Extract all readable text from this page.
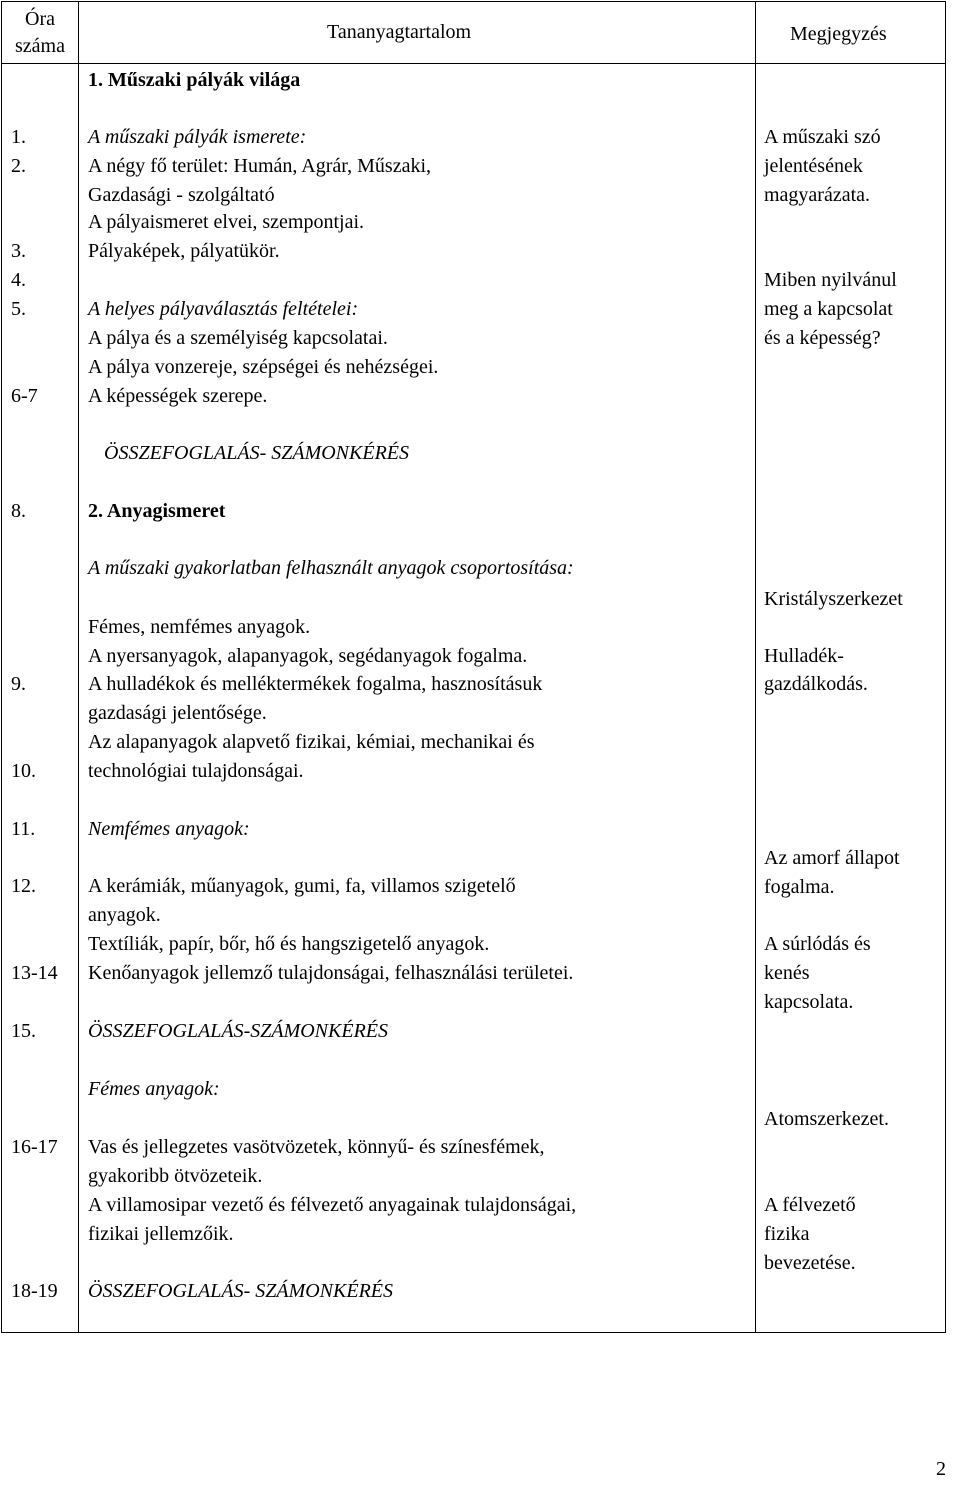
Óra
száma
Tananyagtartalom	Megjegyzés
1. Műszaki pályák világa
1.
2.
3.
4.
5.
6-7
A műszaki pályák ismerete:
A négy fő terület: Humán, Agrár, Műszaki,
Gazdasági - szolgáltató
A pályaismeret elvei, szempontjai.
Pályaképek, pályatükör.
A helyes pályaválasztás feltételei:
A pálya és a személyiség kapcsolatai.
A pálya vonzereje, szépségei és nehézségei.
A képességek szerepe.
A műszaki szó
jelentésének
magyarázata.
Miben nyilvánul
meg a kapcsolat
és a képesség?
ÖSSZEFOGLALÁS- SZÁMONKÉRÉS
8.	2. Anyagismeret
A műszaki gyakorlatban felhasznált anyagok csoportosítása:
Fémes, nemfémes anyagok.
A nyersanyagok, alapanyagok, segédanyagok fogalma.
A hulladékok és melléktermékek fogalma, hasznosításuk
gazdasági jelentősége.
Az alapanyagok alapvető fizikai, kémiai, mechanikai és
technológiai tulajdonságai.
9.
10.
Kristályszerkezet
Hulladék-
gazdálkodás.
11.
12.
13-14
15.
Nemfémes anyagok:
A kerámiák, műanyagok, gumi, fa, villamos szigetelő
anyagok.
Textíliák, papír, bőr, hő és hangszigetelő anyagok.
Kenőanyagok jellemző tulajdonságai, felhasználási területei.
ÖSSZEFOGLALÁS-SZÁMONKÉRÉS
Az amorf állapot
fogalma.
A súrlódás és
kenés
kapcsolata.
Fémes anyagok:
16-17 Vas és jellegzetes vasötvözetek, könnyű- és színesfémek,
gyakoribb ötvözeteik.
A villamosipar vezető és félvezető anyagainak tulajdonságai,
fizikai jellemzőik.
18-19 ÖSSZEFOGLALÁS- SZÁMONKÉRÉS
Atomszerkezet.
A félvezető
fizika
bevezetése.
2
